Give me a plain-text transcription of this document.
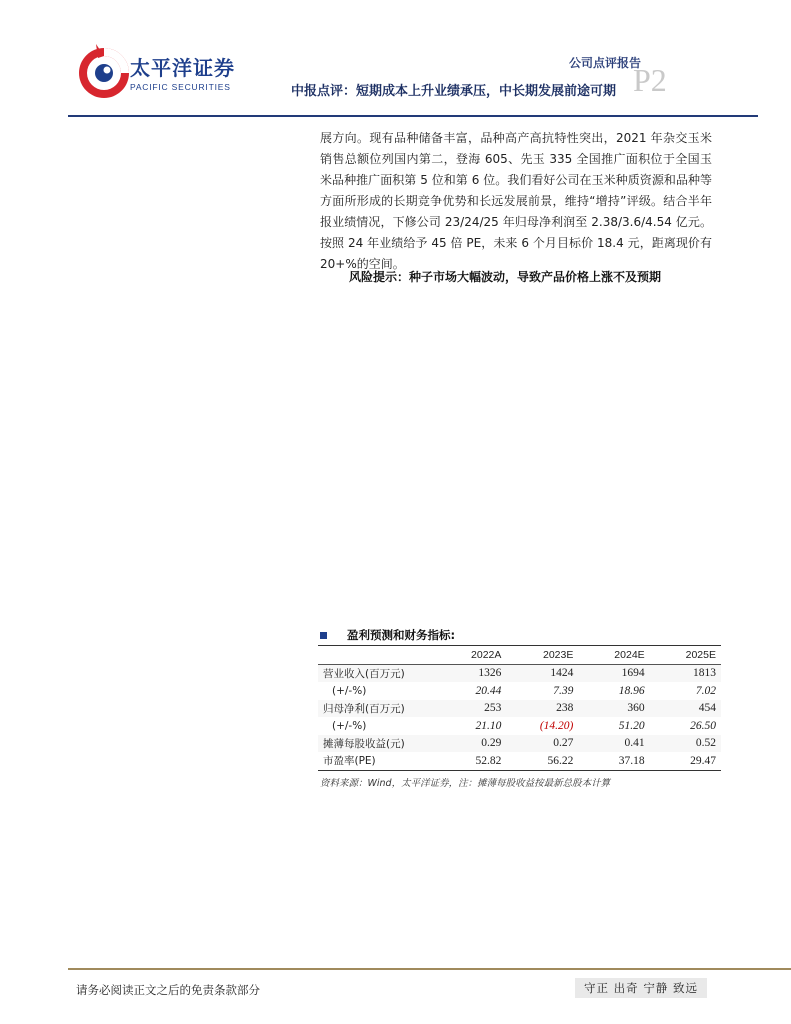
太平洋证券
PACIFIC SECURITIES
公司点评报告
中报点评：短期成本上升业绩承压，中长期发展前途可期 P2
展方向。现有品种储备丰富，品种高产高抗特性突出，2021 年杂交玉米销售总额位列国内第二，登海 605、先玉 335 全国推广面积位于全国玉米品种推广面积第 5 位和第 6 位。我们看好公司在玉米种质资源和品种等方面所形成的长期竞争优势和长远发展前景，维持“增持”评级。结合半年报业绩情况，下修公司 23/24/25 年归母净利润至 2.38/3.6/4.54 亿元。按照 24 年业绩给予 45 倍 PE，未来 6 个月目标价 18.4 元，距离现价有 20+%的空间。
风险提示：种子市场大幅波动，导致产品价格上涨不及预期
盈利预测和财务指标:
	2022A	2023E	2024E	2025E
营业收入(百万元)	1326	1424	1694	1813
(+/-%)	20.44	7.39	18.96	7.02
归母净利(百万元)	253	238	360	454
(+/-%)	21.10	(14.20)	51.20	26.50
摊薄每股收益(元)	0.29	0.27	0.41	0.52
市盈率(PE)	52.82	56.22	37.18	29.47
资料来源：Wind，太平洋证券，注：摊薄每股收益按最新总股本计算
请务必阅读正文之后的免责条款部分	守正 出奇 宁静 致远
